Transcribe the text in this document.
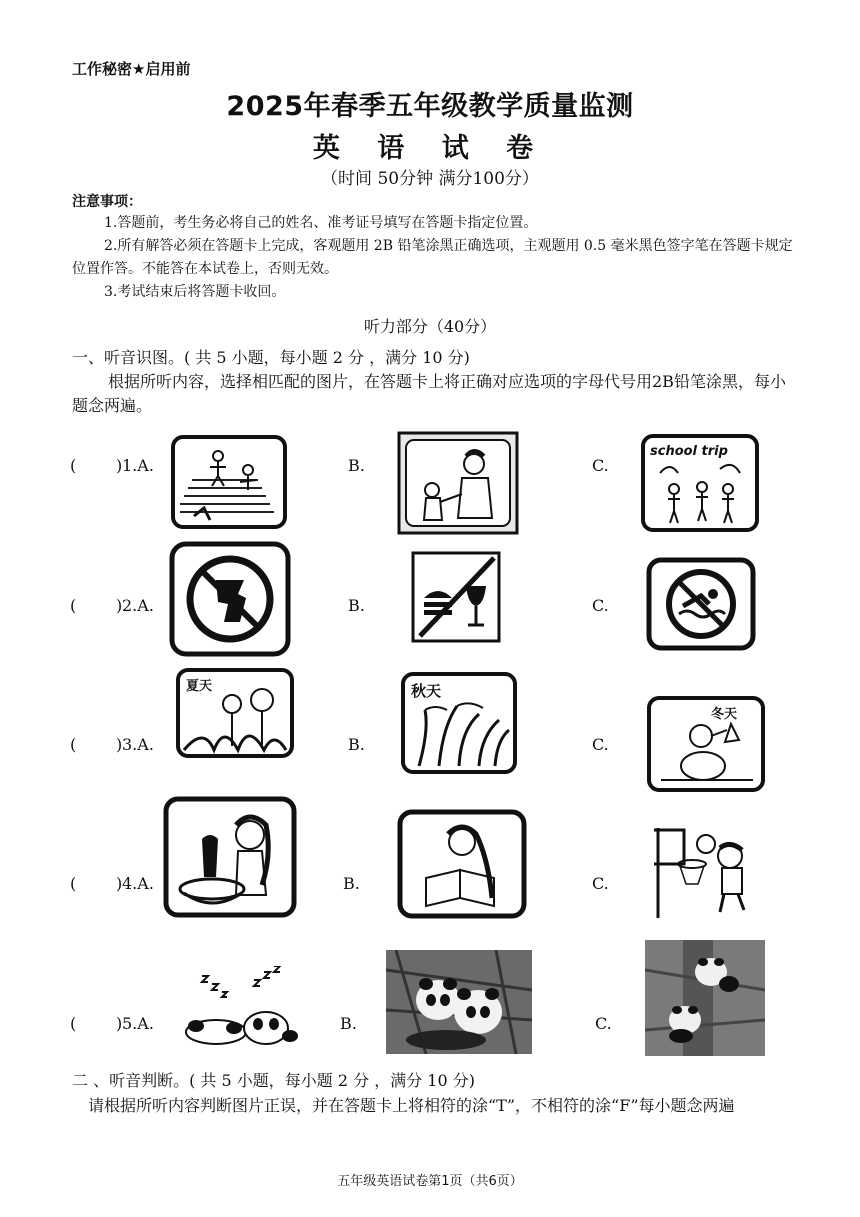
工作秘密★启用前
2025年春季五年级教学质量监测
英 语 试 卷
（时间 50分钟 满分100分）
注意事项：
1.答题前，考生务必将自己的姓名、准考证号填写在答题卡指定位置。
2.所有解答必须在答题卡上完成，客观题用 2B 铅笔涂黑正确选项，主观题用 0.5 毫米黑色签字笔在答题卡规定位置作答。不能答在本试卷上，否则无效。
3.考试结束后将答题卡收回。
听力部分（40分）
一、听音识图。( 共 5 小题，每小题 2 分 ，满分 10 分)
根据所听内容，选择相匹配的图片，在答题卡上将正确对应选项的字母代号用2B铅笔涂黑，每小题念两遍。
( ) 1.A.	B.	C.
school trip
( ) 2.A.	B.	C.
( ) 3.A.	B.	C.
夏天	秋天
冬天
( ) 4.A.	B.	C.
( ) 5.A.	B.	C.
二 、听音判断。( 共 5 小题，每小题 2 分 ，满分 10 分)
请根据所听内容判断图片正误，并在答题卡上将相符的涂“T”，不相符的涂“F”每小题念两遍
五年级英语试卷第1页（共6页）
